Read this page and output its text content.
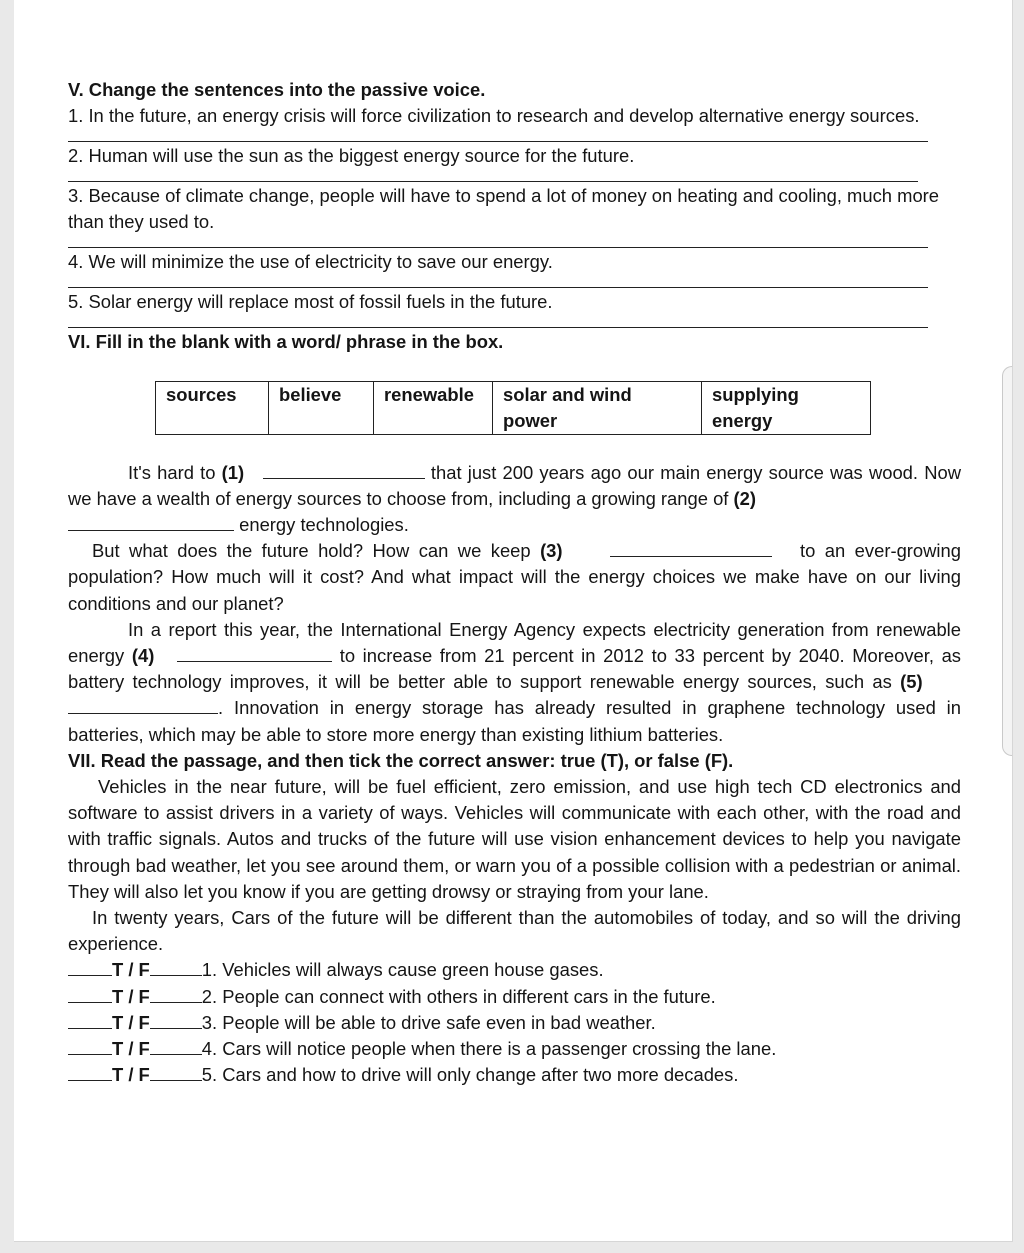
V. Change the sentences into the passive voice.

1. In the future, an energy crisis will force civilization to research and develop alternative energy sources.

2. Human will use the sun as the biggest energy source for the future.

3. Because of climate change, people will have to spend a lot of money on heating and cooling, much more than they used to.

4. We will minimize the use of electricity to save our energy.

5. Solar energy will replace most of fossil fuels in the future.

VI. Fill in the blank with a word/ phrase in the box.

sources	believe	renewable	solar and wind power	supplying energy

It's hard to (1)	that just 200 years ago our main energy source was wood. Now we have a wealth of energy sources to choose from, including a growing range of (2)
energy technologies.

But what does the future hold? How can we keep (3)	to an ever-growing population? How much will it cost? And what impact will the energy choices we make have on our living conditions and our planet?

In a report this year, the International Energy Agency expects electricity generation from renewable energy (4)	to increase from 21 percent in 2012 to 33 percent by 2040. Moreover, as battery technology improves, it will be better able to support renewable energy sources, such as (5)     . Innovation in energy storage has already resulted in graphene technology used in batteries, which may be able to store more energy than existing lithium batteries.

VII. Read the passage, and then tick the correct answer: true (T), or false (F).

Vehicles in the near future, will be fuel efficient, zero emission, and use high tech CD electronics and software to assist drivers in a variety of ways. Vehicles will communicate with each other, with the road and with traffic signals. Autos and trucks of the future will use vision enhancement devices to help you navigate through bad weather, let you see around them, or warn you of a possible collision with a pedestrian or animal. They will also let you know if you are getting drowsy or straying from your lane.

In twenty years, Cars of the future will be different than the automobiles of today, and so will the driving experience.

T / F	1. Vehicles will always cause green house gases.
T / F	2. People can connect with others in different cars in the future.
T / F	3. People will be able to drive safe even in bad weather.
T / F	4. Cars will notice people when there is a passenger crossing the lane.
T / F	5. Cars and how to drive will only change after two more decades.
